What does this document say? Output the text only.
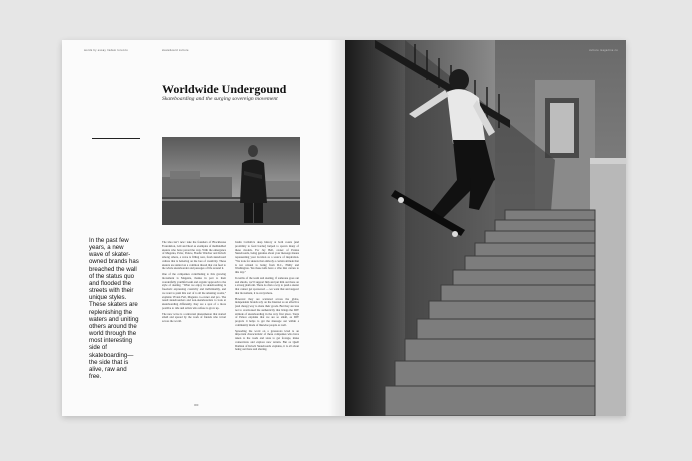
words by essay lisdam lorenzo	skateboard culture
Worldwide Undergound
Skateboarding and the surging sovereign movement

In the past few years, a new wave of skater-owned brands has breached the wall of the status quo and flooded the streets with their unique styles. These skaters are replenishing the waters and uniting others around the world through the most interesting side of skateboarding—the side that is alive, raw and free.

The idea isn’t new: take the founders of Blockhouse Foundation, Girl and Real as examples of multiskilled skaters who have paved the way. With the emergence of Magenta, Polar, Palace, Boulle Watcher and Krisch among others, a wave is filling new, fresh skateboard culture that is bettering on the lore of creativity. These skaters are united on a common thread that can feed to the whole skateboarder and passages of life around it.

One of the companies contributing to this growing movement is Magenta, thanks in part to their wonderfully youthful team and organic approach to the style of skating. “What we enjoy in skateboarding is freedom: expressing creativity and individuality, and we want to push this sort of to all the amazing rooms,” explains Vivien Feil, Magenta co-owner and pro. The result skateboarders and non-skateboarders to look at skateboarding differently, they are a spot of a more positive to ride and artists who refuse to grow up.

The new wave is a universal phenomenon that started small and spread by the work of friends who travel across the world.

Justin Carballo's deep history at both coasts (and proximity to feed border) helped to spawn many of these models. For Jay Bell, owner of Pontus Skateboards, being genuine about your message means representing your location as a source of inspiration. “We look for skaters that embody a certain attitude that is not related to being from D.C., Philly and Washington. Yes these kids have a vibe that carries to this day.”

In terms of the team and skating, if someone goes out and shreds, we’ll support him and put him out there on a strong platform. There is often a way to push a skater that cannot get sponsored — we want that and support that movement, it is everywhere.

However they are scattered across the globe, independent brands rely on the Internet as an effective (and cheap) way to share their goods. But they are less not to overlooked the authenticity that brings the DIY attitude of skateboarding in the very first place. Tonja of Palace explains that we are so small, as DIY projects it helps to get the message out within a community made of likewise people as well.

Spreading the word on a grassroots level is an important characteristic of these companies who have taken to the roads and stare to get footage, make connections and explore new terrain. But as Quell Damian of Krisch Skateboards explains, it is all about being out there and sharing.

000
culture magazine co
